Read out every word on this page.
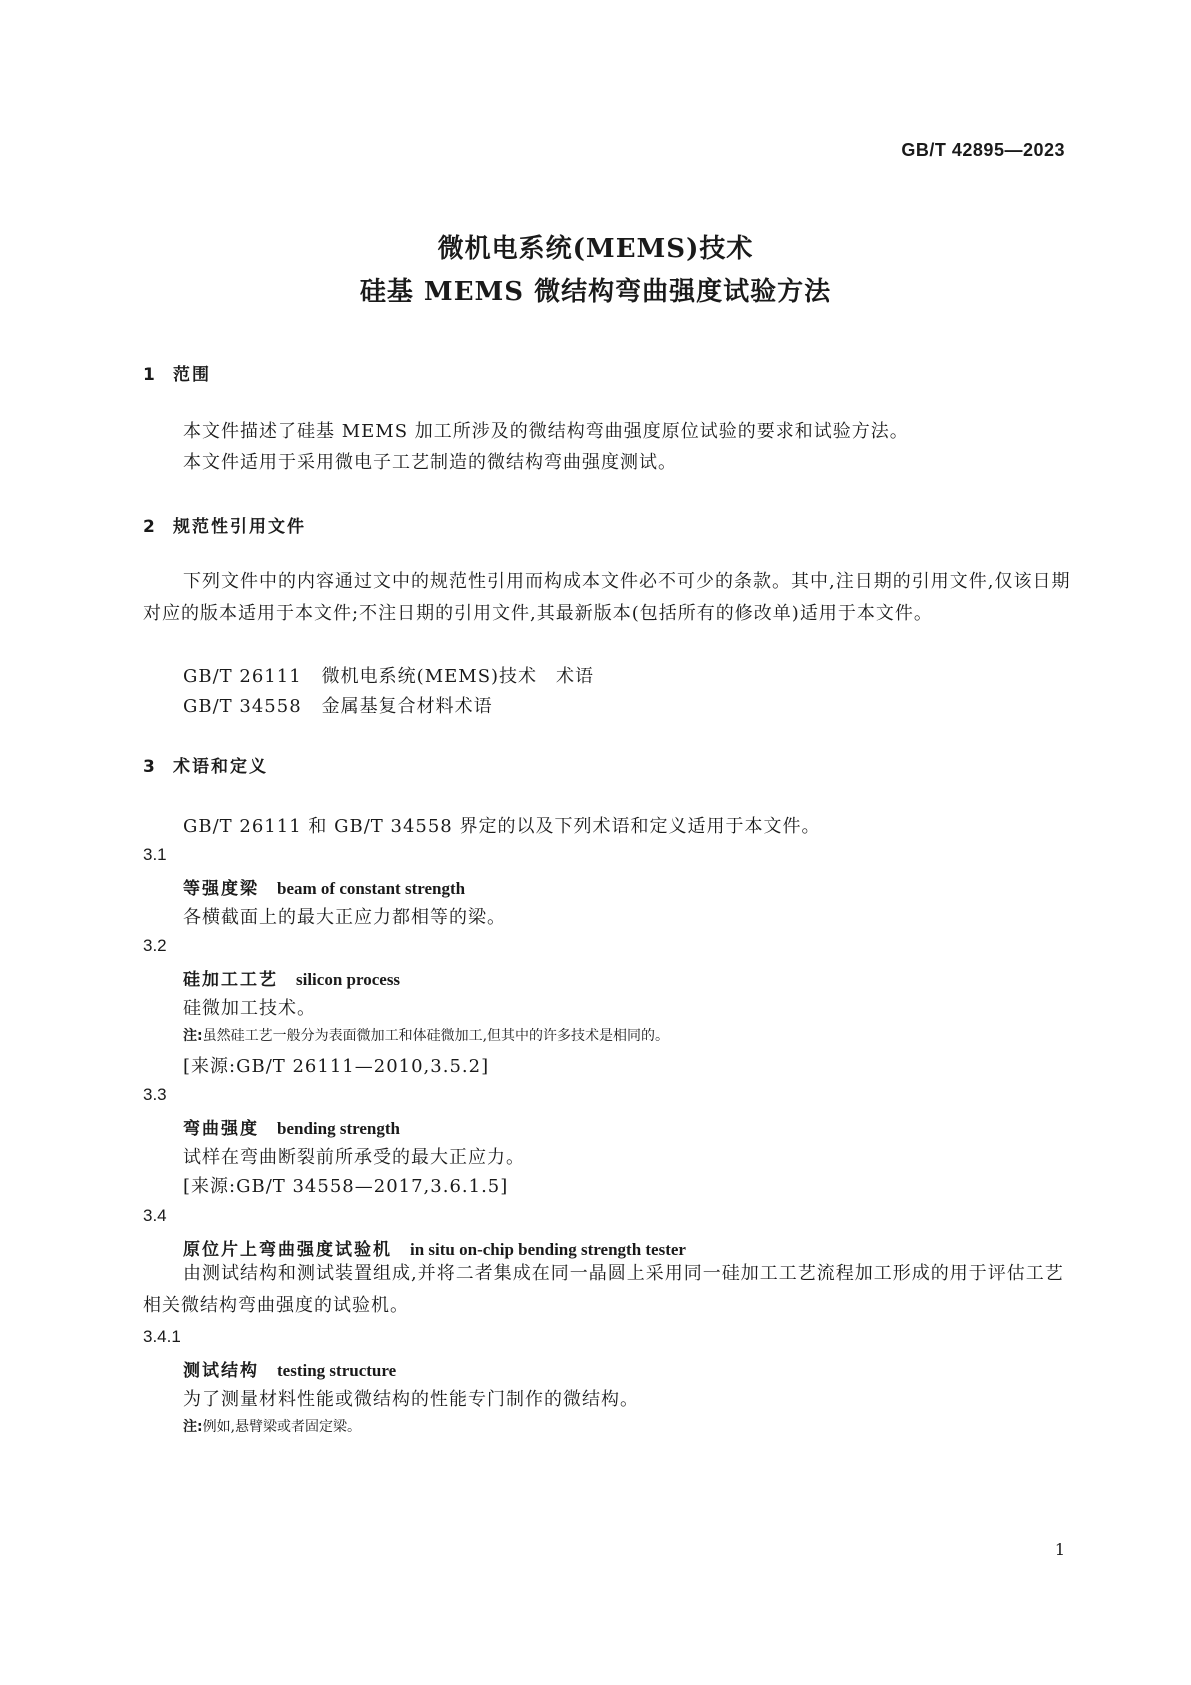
GB/T 42895—2023
微机电系统(MEMS)技术
硅基 MEMS 微结构弯曲强度试验方法
1 范围
本文件描述了硅基 MEMS 加工所涉及的微结构弯曲强度原位试验的要求和试验方法。
本文件适用于采用微电子工艺制造的微结构弯曲强度测试。
2 规范性引用文件
下列文件中的内容通过文中的规范性引用而构成本文件必不可少的条款。其中,注日期的引用文件,仅该日期对应的版本适用于本文件;不注日期的引用文件,其最新版本(包括所有的修改单)适用于本文件。
GB/T 26111 微机电系统(MEMS)技术　术语
GB/T 34558 金属基复合材料术语
3 术语和定义
GB/T 26111 和 GB/T 34558 界定的以及下列术语和定义适用于本文件。
3.1
等强度梁 beam of constant strength
各横截面上的最大正应力都相等的梁。
3.2
硅加工工艺 silicon process
硅微加工技术。
注:虽然硅工艺一般分为表面微加工和体硅微加工,但其中的许多技术是相同的。
[来源:GB/T 26111—2010,3.5.2]
3.3
弯曲强度 bending strength
试样在弯曲断裂前所承受的最大正应力。
[来源:GB/T 34558—2017,3.6.1.5]
3.4
原位片上弯曲强度试验机 in situ on-chip bending strength tester
由测试结构和测试装置组成,并将二者集成在同一晶圆上采用同一硅加工工艺流程加工形成的用于评估工艺相关微结构弯曲强度的试验机。
3.4.1
测试结构 testing structure
为了测量材料性能或微结构的性能专门制作的微结构。
注:例如,悬臂梁或者固定梁。
1
